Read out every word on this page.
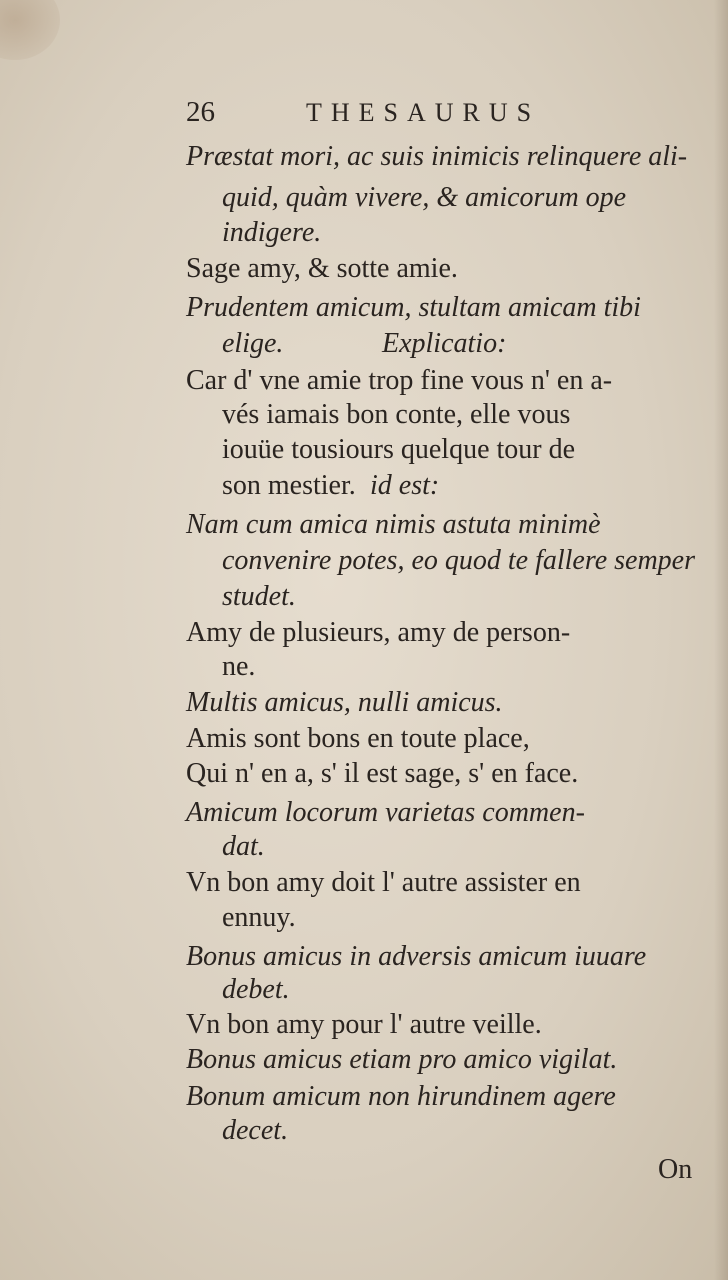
26	THESAURUS
Præstat mori, ac suis inimicis relinquere ali-
quid, quàm vivere, & amicorum ope
indigere.
Sage amy, & sotte amie.
Prudentem amicum, stultam amicam tibi
elige.	Explicatio:
Car d' vne amie trop fine vous n' en a-
vés iamais bon conte, elle vous
iouüe tousiours quelque tour de
son mestier. id est:
Nam cum amica nimis astuta minimè
convenire potes, eo quod te fallere semper
studet.
Amy de plusieurs, amy de person-
ne.
Multis amicus, nulli amicus.
Amis sont bons en toute place,
Qui n' en a, s' il est sage, s' en face.
Amicum locorum varietas commen-
dat.
Vn bon amy doit l' autre assister en
ennuy.
Bonus amicus in adversis amicum iuuare
debet.
Vn bon amy pour l' autre veille.
Bonus amicus etiam pro amico vigilat.
Bonum amicum non hirundinem agere
decet.
On
